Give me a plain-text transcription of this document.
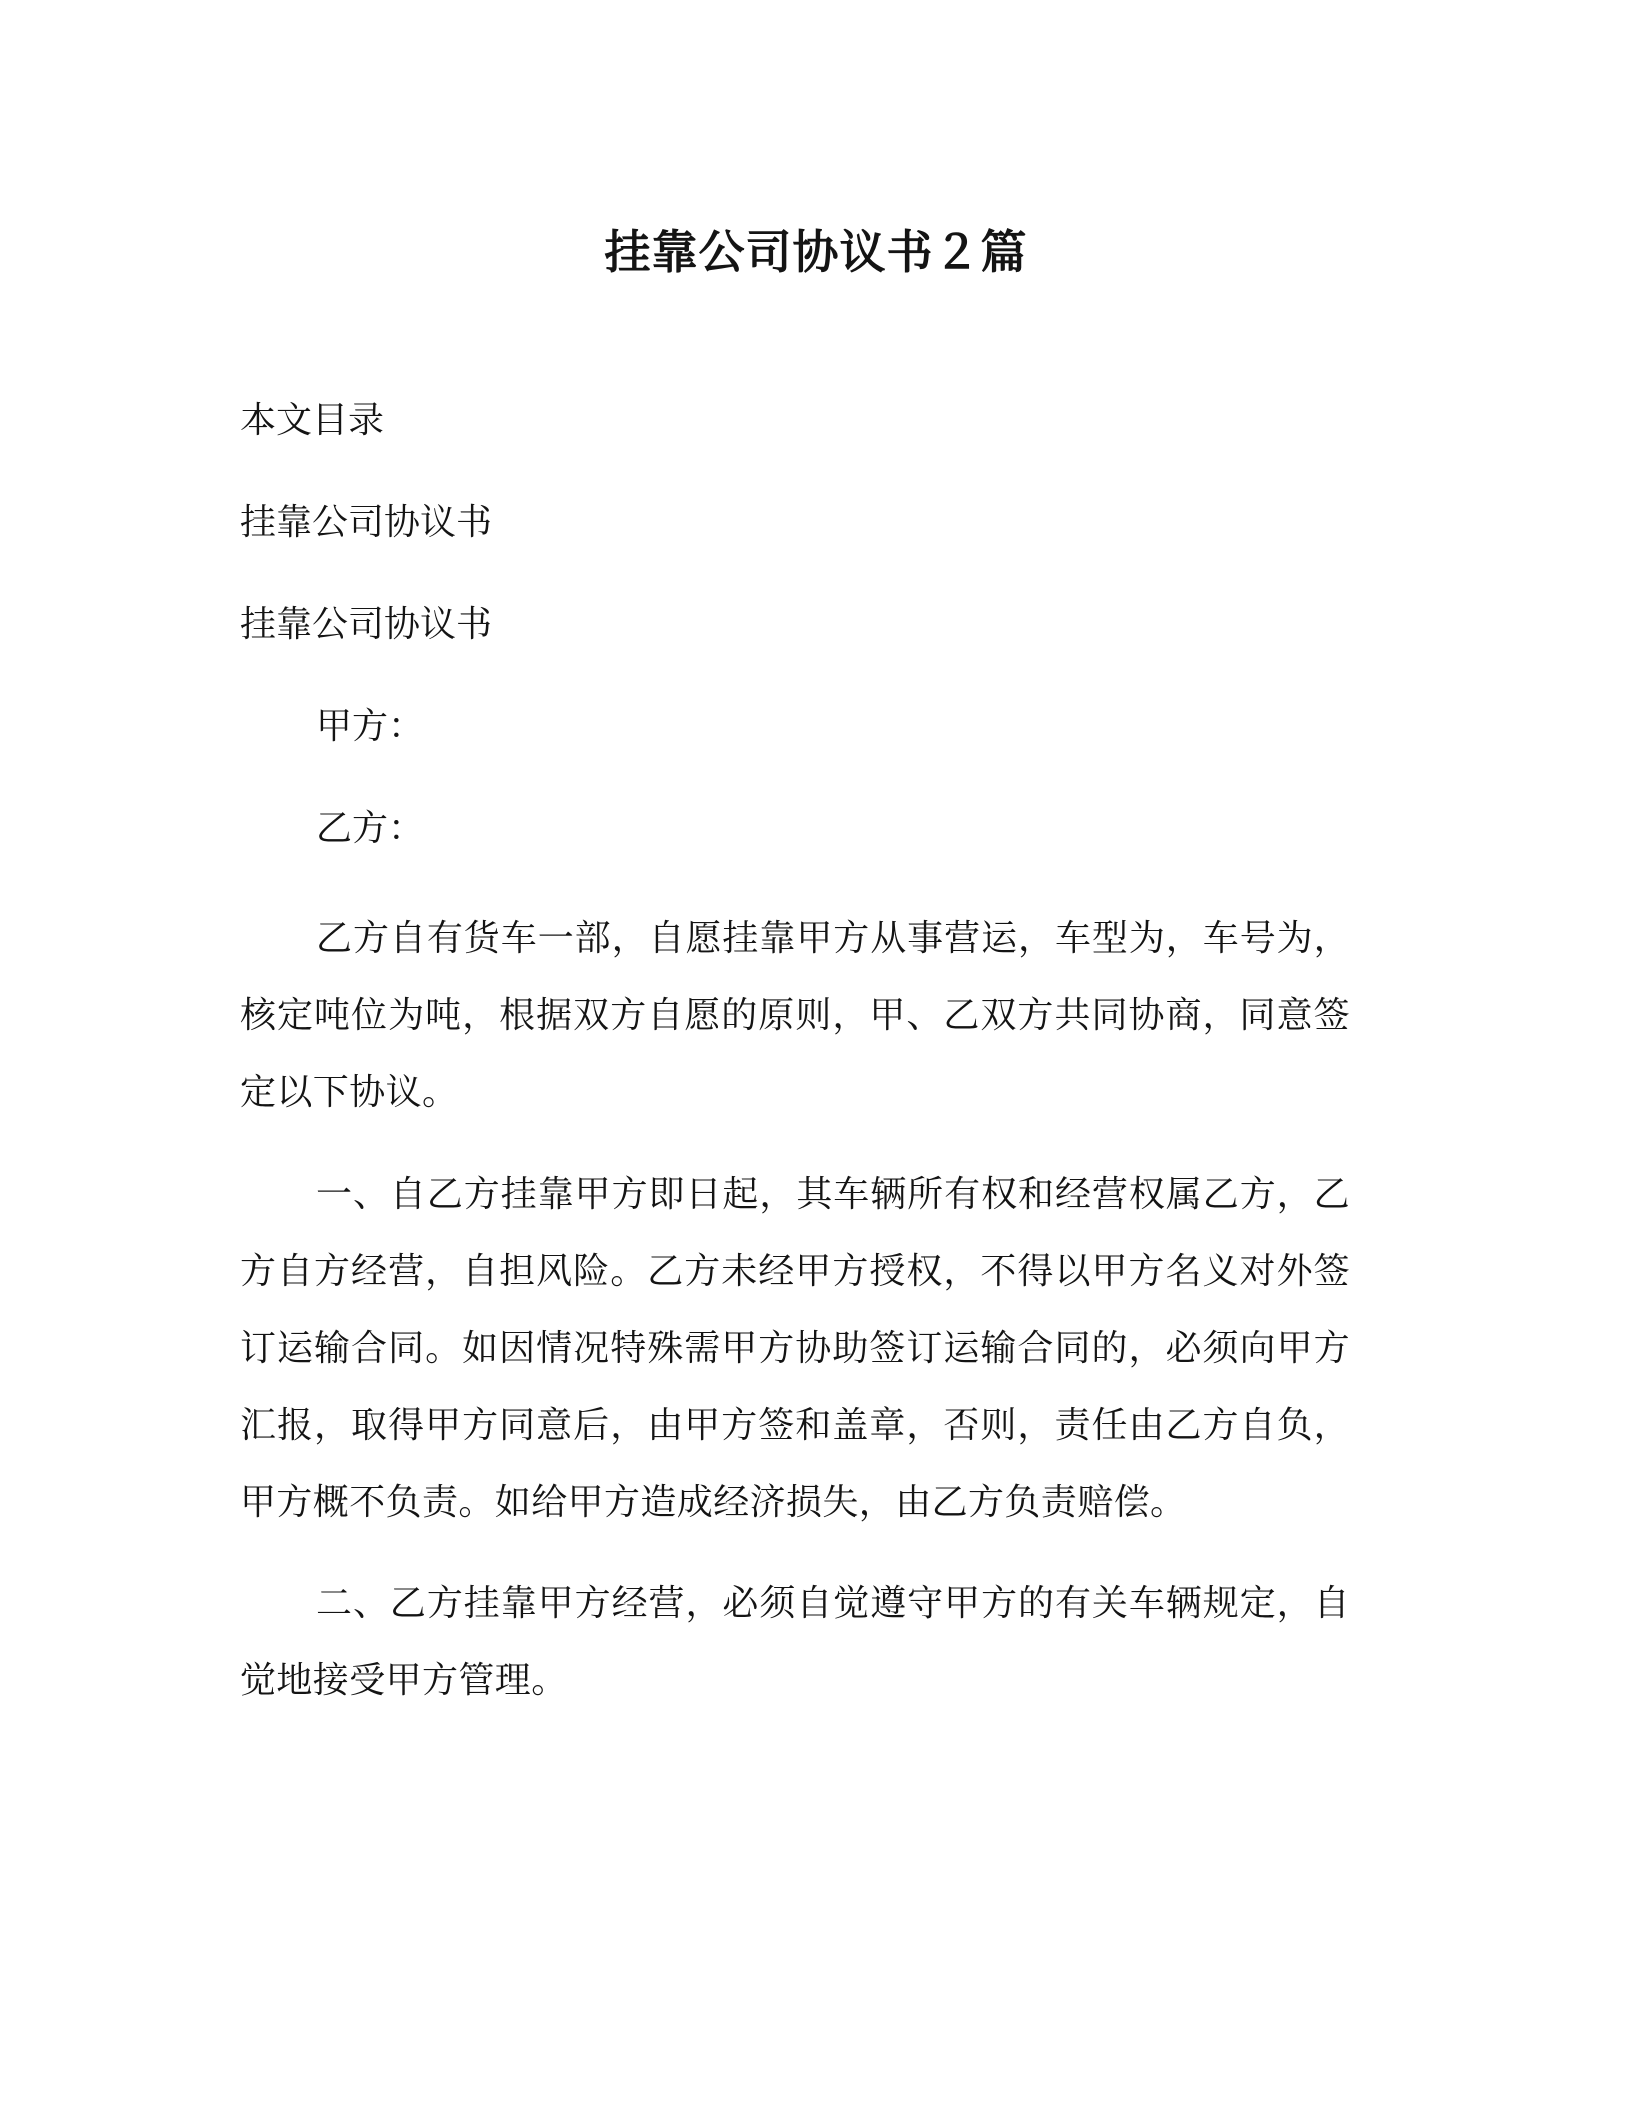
挂靠公司协议书２篇

本文目录

挂靠公司协议书

挂靠公司协议书

甲方：

乙方：

乙方自有货车一部，自愿挂靠甲方从事营运，车型为，车号为，核定吨位为吨，根据双方自愿的原则，甲、乙双方共同协商，同意签定以下协议。

一、自乙方挂靠甲方即日起，其车辆所有权和经营权属乙方，乙方自方经营，自担风险。乙方未经甲方授权，不得以甲方名义对外签订运输合同。如因情况特殊需甲方协助签订运输合同的，必须向甲方汇报，取得甲方同意后，由甲方签和盖章，否则，责任由乙方自负，甲方概不负责。如给甲方造成经济损失，由乙方负责赔偿。

二、乙方挂靠甲方经营，必须自觉遵守甲方的有关车辆规定，自觉地接受甲方管理。
